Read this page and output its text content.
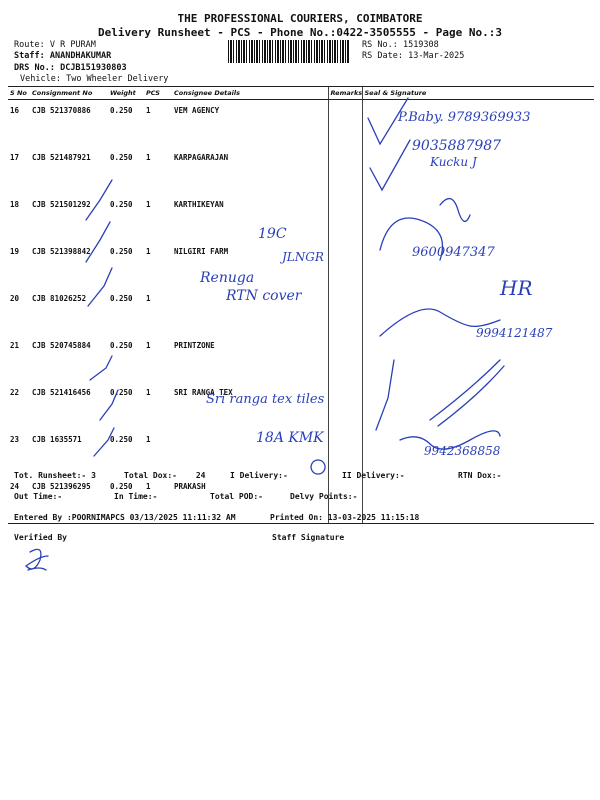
THE PROFESSIONAL COURIERS, COIMBATORE
Delivery Runsheet - PCS - Phone No.:0422-3505555 - Page No.:3
Route: V R PURAM
Staff: ANANDHAKUMAR
DRS No.: DCJB151930803
Vehicle: Two Wheeler Delivery
RS No.: 1519308
RS Date: 13-Mar-2025
S No	Consignment No	Weight	PCS	Consignee Details	Remarks	Seal & Signature
16	CJB 521370886	0.250	1	VEM AGENCY		
17	CJB 521487921	0.250	1	KARPAGARAJAN		
18	CJB 521501292	0.250	1	KARTHIKEYAN		
19	CJB 521398842	0.250	1	NILGIRI FARM		
20	CJB 81026252	0.250	1			
21	CJB 520745884	0.250	1	PRINTZONE		
22	CJB 521416456	0.250	1	SRI RANGA TEX		
23	CJB 1635571	0.250	1			
24	CJB 521396295	0.250	1	PRAKASH		
P.Baby. 9789369933
9035887987
Kucku J
19C
JLNGR	9600947347
Renuga
RTN cover	HR
9994121487
Sri ranga tex tiles
18A KMK
9942368858
Tot. Runsheet:- 3	Total Dox:- 24	I Delivery:-	II Delivery:-	RTN Dox:-
Out Time:-	In Time:-	Total POD:-	Delvy Points:-
Entered By :POORNIMAPCS 03/13/2025 11:11:32 AM	Printed On: 13-03-2025 11:15:18
Verified By	Staff Signature
